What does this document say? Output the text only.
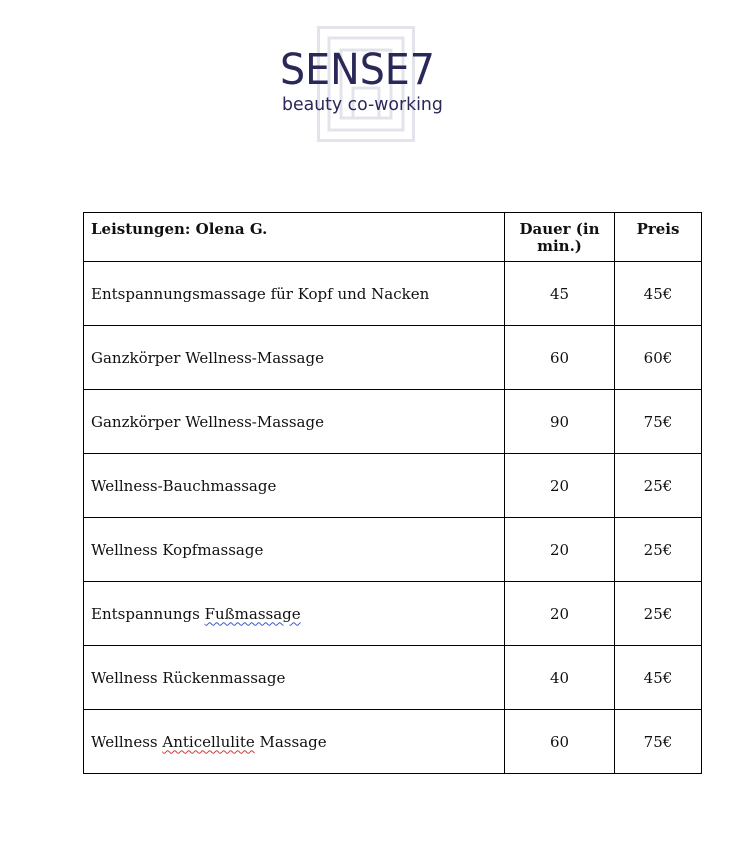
SENSE7
beauty co-working
Leistungen: Olena G.	Dauer (in min.)	Preis
Entspannungsmassage für Kopf und Nacken	45	45€
Ganzkörper Wellness-Massage	60	60€
Ganzkörper Wellness-Massage	90	75€
Wellness-Bauchmassage	20	25€
Wellness Kopfmassage	20	25€
Entspannungs Fußmassage	20	25€
Wellness Rückenmassage	40	45€
Wellness Anticellulite Massage	60	75€
